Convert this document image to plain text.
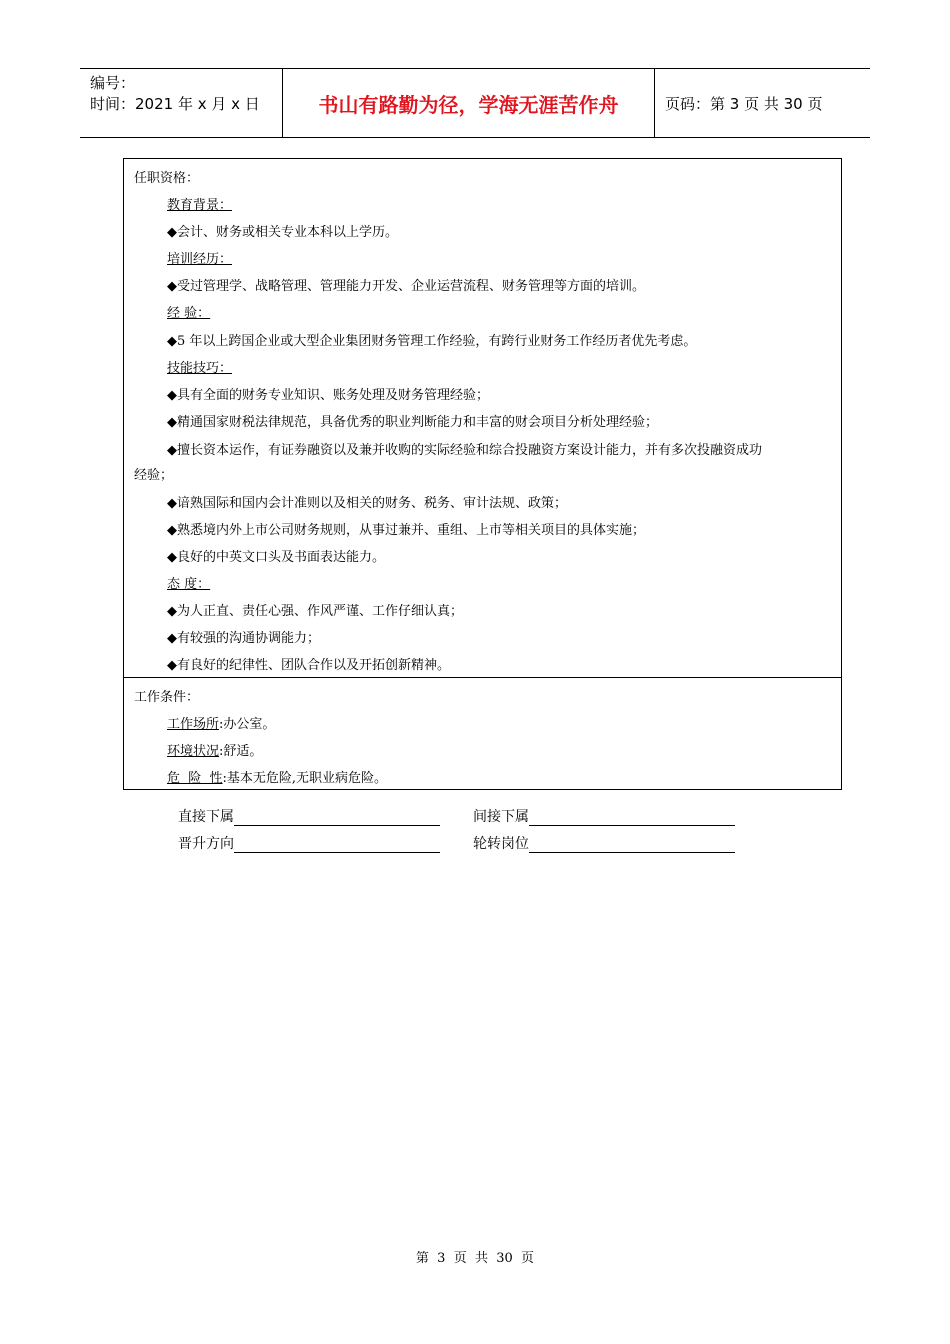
编号：
时间：2021 年 x 月 x 日	书山有路勤为径，学海无涯苦作舟	页码：第 3 页 共 30 页
任职资格：
教育背景：
◆会计、财务或相关专业本科以上学历。
培训经历：
◆受过管理学、战略管理、管理能力开发、企业运营流程、财务管理等方面的培训。
经 验：
◆5 年以上跨国企业或大型企业集团财务管理工作经验，有跨行业财务工作经历者优先考虑。
技能技巧：
◆具有全面的财务专业知识、账务处理及财务管理经验；
◆精通国家财税法律规范，具备优秀的职业判断能力和丰富的财会项目分析处理经验；
◆擅长资本运作，有证券融资以及兼并收购的实际经验和综合投融资方案设计能力，并有多次投融资成功
经验；
◆谙熟国际和国内会计准则以及相关的财务、税务、审计法规、政策；
◆熟悉境内外上市公司财务规则，从事过兼并、重组、上市等相关项目的具体实施；
◆良好的中英文口头及书面表达能力。
态 度：
◆为人正直、责任心强、作风严谨、工作仔细认真；
◆有较强的沟通协调能力；
◆有良好的纪律性、团队合作以及开拓创新精神。
工作条件：
工作场所:办公室。
环境状况:舒适。
危  险  性:基本无危险,无职业病危险。
直接下属	间接下属
晋升方向	轮转岗位
第  3  页  共  30  页
